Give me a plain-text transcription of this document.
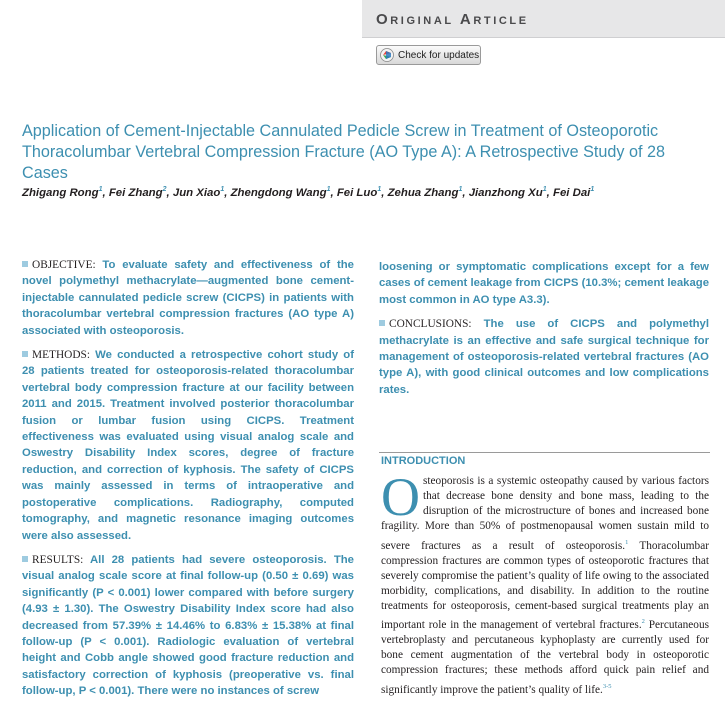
Original Article
Check for updates
Application of Cement-Injectable Cannulated Pedicle Screw in Treatment of Osteoporotic Thoracolumbar Vertebral Compression Fracture (AO Type A): A Retrospective Study of 28 Cases
Zhigang Rong$^1$, Fei Zhang$^2$, Jun Xiao$^1$, Zhengdong Wang$^1$, Fei Luo$^1$, Zehua Zhang$^1$, Jianzhong Xu$^1$, Fei Dai$^1$

OBJECTIVE: To evaluate safety and effectiveness of the novel polymethyl methacrylate—augmented bone cement-injectable cannulated pedicle screw (CICPS) in patients with thoracolumbar vertebral compression fractures (AO type A) associated with osteoporosis.

METHODS: We conducted a retrospective cohort study of 28 patients treated for osteoporosis-related thoracolumbar vertebral body compression fracture at our facility between 2011 and 2015. Treatment involved posterior thoracolumbar fusion or lumbar fusion using CICPS. Treatment effectiveness was evaluated using visual analog scale and Oswestry Disability Index scores, degree of fracture reduction, and correction of kyphosis. The safety of CICPS was mainly assessed in terms of intraoperative and postoperative complications. Radiography, computed tomography, and magnetic resonance imaging outcomes were also assessed.

RESULTS: All 28 patients had severe osteoporosis. The visual analog scale score at final follow-up (0.50 ± 0.69) was significantly (P < 0.001) lower compared with before surgery (4.93 ± 1.30). The Oswestry Disability Index score had also decreased from 57.39% ± 14.46% to 6.83% ± 15.38% at final follow-up (P < 0.001). Radiologic evaluation of vertebral height and Cobb angle showed good fracture reduction and satisfactory correction of kyphosis (preoperative vs. final follow-up, P < 0.001). There were no instances of screw

loosening or symptomatic complications except for a few cases of cement leakage from CICPS (10.3%; cement leakage most common in AO type A3.3).

CONCLUSIONS: The use of CICPS and polymethyl methacrylate is an effective and safe surgical technique for management of osteoporosis-related vertebral fractures (AO type A), with good clinical outcomes and low complications rates.

INTRODUCTION
O steoporosis is a systemic osteopathy caused by various factors that decrease bone density and bone mass, leading to the disruption of the microstructure of bones and increased bone fragility. More than 50% of postmenopausal women sustain mild to severe fractures as a result of osteoporosis.$^1$ Thoracolumbar compression fractures are common types of osteoporotic fractures that severely compromise the patient’s quality of life owing to the associated morbidity, complications, and disability. In addition to the routine treatments for osteoporosis, cement-based surgical treatments play an important role in the management of vertebral fractures.$^2$ Percutaneous vertebroplasty and percutaneous kyphoplasty are currently used for bone cement augmentation of the vertebral body in osteoporotic compression fractures; these methods afford quick pain relief and significantly improve the patient’s quality of life.$^{3-5}$
